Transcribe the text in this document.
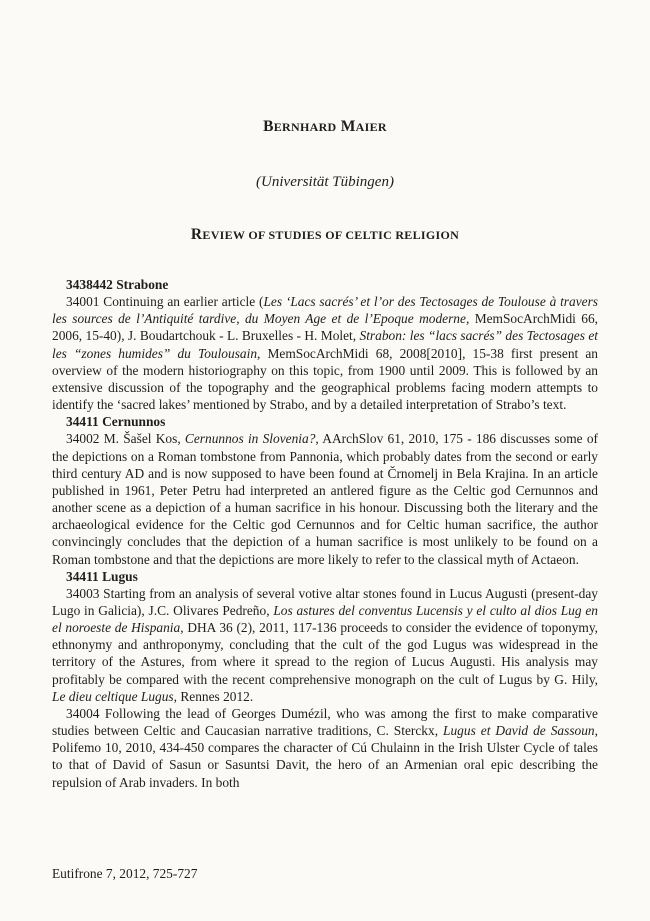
BERNHARD MAIER
(Universität Tübingen)
REVIEW OF STUDIES OF CELTIC RELIGION
3438442 Strabone

34001 Continuing an earlier article (Les ‘Lacs sacrés’ et l’or des Tectosages de Toulouse à travers les sources de l’Antiquité tardive, du Moyen Age et de l’Epoque moderne, MemSocArchMidi 66, 2006, 15-40), J. Boudartchouk - L. Bruxelles - H. Molet, Strabon: les “lacs sacrés” des Tectosages et les “zones humides” du Toulousain, MemSocArchMidi 68, 2008[2010], 15-38 first present an overview of the modern historiography on this topic, from 1900 until 2009. This is followed by an extensive discussion of the topography and the geographical problems facing modern attempts to identify the ‘sacred lakes’ mentioned by Strabo, and by a detailed interpretation of Strabo’s text.

34411 Cernunnos

34002 M. Šašel Kos, Cernunnos in Slovenia?, AArchSlov 61, 2010, 175 - 186 discusses some of the depictions on a Roman tombstone from Pannonia, which probably dates from the second or early third century AD and is now supposed to have been found at Črnomelj in Bela Krajina. In an article published in 1961, Peter Petru had interpreted an antlered figure as the Celtic god Cernunnos and another scene as a depiction of a human sacrifice in his honour. Discussing both the literary and the archaeological evidence for the Celtic god Cernunnos and for Celtic human sacrifice, the author convincingly concludes that the depiction of a human sacrifice is most unlikely to be found on a Roman tombstone and that the depictions are more likely to refer to the classical myth of Actaeon.

34411 Lugus

34003 Starting from an analysis of several votive altar stones found in Lucus Augusti (present-day Lugo in Galicia), J.C. Olivares Pedreño, Los astures del conventus Lucensis y el culto al dios Lug en el noroeste de Hispania, DHA 36 (2), 2011, 117-136 proceeds to consider the evidence of toponymy, ethnonymy and anthroponymy, concluding that the cult of the god Lugus was widespread in the territory of the Astures, from where it spread to the region of Lucus Augusti. His analysis may profitably be compared with the recent comprehensive monograph on the cult of Lugus by G. Hily, Le dieu celtique Lugus, Rennes 2012.

34004 Following the lead of Georges Dumézil, who was among the first to make comparative studies between Celtic and Caucasian narrative traditions, C. Sterckx, Lugus et David de Sassoun, Polifemo 10, 2010, 434-450 compares the character of Cú Chulainn in the Irish Ulster Cycle of tales to that of David of Sasun or Sasuntsi Davit, the hero of an Armenian oral epic describing the repulsion of Arab invaders. In both

Eutifrone 7, 2012, 725-727
